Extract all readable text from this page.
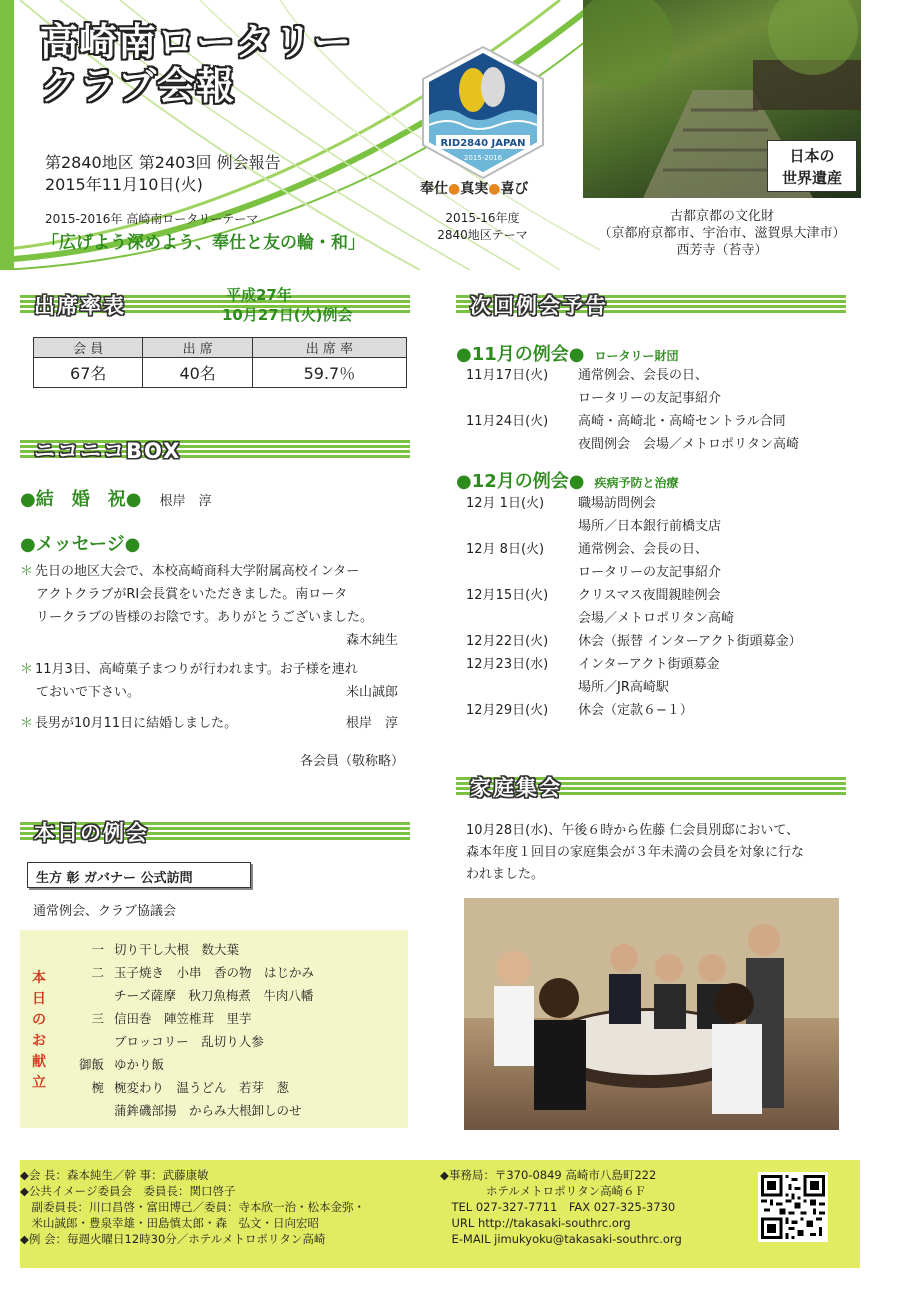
高崎南ロータリー
クラブ会報
第2840地区 第2403回 例会報告
2015年11月10日(火)
2015-2016年 高崎南ロータリーテーマ
「広げよう深めよう、奉仕と友の輪・和」
RID2840 JAPAN
2015-2016
奉仕●真実●喜び
2015-16年度
2840地区テーマ
日本の
世界遺産
古都京都の文化財
（京都府京都市、宇治市、滋賀県大津市）
西芳寺（苔寺）
出席率表	平成27年
10月27日(火)例会
会 員	出 席	出 席 率
67名	40名	59.7％
ニコニコBOX
●結　婚　祝● 根岸　淳
●メッセージ●
＊ 先日の地区大会で、本校高崎商科大学附属高校インター
アクトクラブがRI会長賞をいただきました。南ロータ
リークラブの皆様のお陰です。ありがとうございました。
森木純生
＊ 11月3日、高崎菓子まつりが行われます。お子様を連れ
ておいで下さい。	米山誠郎
＊ 長男が10月11日に結婚しました。	根岸　淳
各会員（敬称略）
本日の例会
生方 彰 ガバナー 公式訪問
通常例会、クラブ協議会
本日のお献立
一 切り干し大根　数大葉
二 玉子焼き　小串　香の物　はじかみ
チーズ薩摩　秋刀魚梅煮　牛肉八幡
三 信田巻　陣笠椎茸　里芋
ブロッコリー　乱切り人参
御飯 ゆかり飯
椀 椀変わり　温うどん　若芽　葱
蒲鉾磯部揚　からみ大根卸しのせ
次回例会予告
●11月の例会● ロータリー財団
11月17日(火)	通常例会、会長の日、
ロータリーの友記事紹介
11月24日(火)	高崎・高崎北・高崎セントラル合同
夜間例会　会場／メトロポリタン高崎
●12月の例会● 疾病予防と治療
12月 1日(火)	職場訪問例会
場所／日本銀行前橋支店
12月 8日(火)	通常例会、会長の日、
ロータリーの友記事紹介
12月15日(火)	クリスマス夜間親睦例会
会場／メトロポリタン高崎
12月22日(火)	休会（振替 インターアクト街頭募金）
12月23日(水)	インターアクト街頭募金
場所／JR高崎駅
12月29日(火)	休会（定款６−１）
家庭集会
10月28日(水)、午後６時から佐藤 仁会員別邸において、
森本年度１回目の家庭集会が３年未満の会員を対象に行な
われました。
◆会 長：森本純生／幹 事：武藤康敏
◆公共イメージ委員会　委員長：関口啓子
　副委員長：川口昌啓・富田博己／委員：寺本欣一治・松本金弥・
　米山誠郎・豊泉幸雄・田島慎太郎・森　弘文・日向宏昭
◆例 会：毎週火曜日12時30分／ホテルメトロポリタン高崎
◆事務局：〒370-0849 高崎市八島町222
　　　　ホテルメトロポリタン高崎６Ｆ
　TEL 027-327-7711　FAX 027-325-3730
　URL http://takasaki-southrc.org
　E-MAIL jimukyoku@takasaki-southrc.org
